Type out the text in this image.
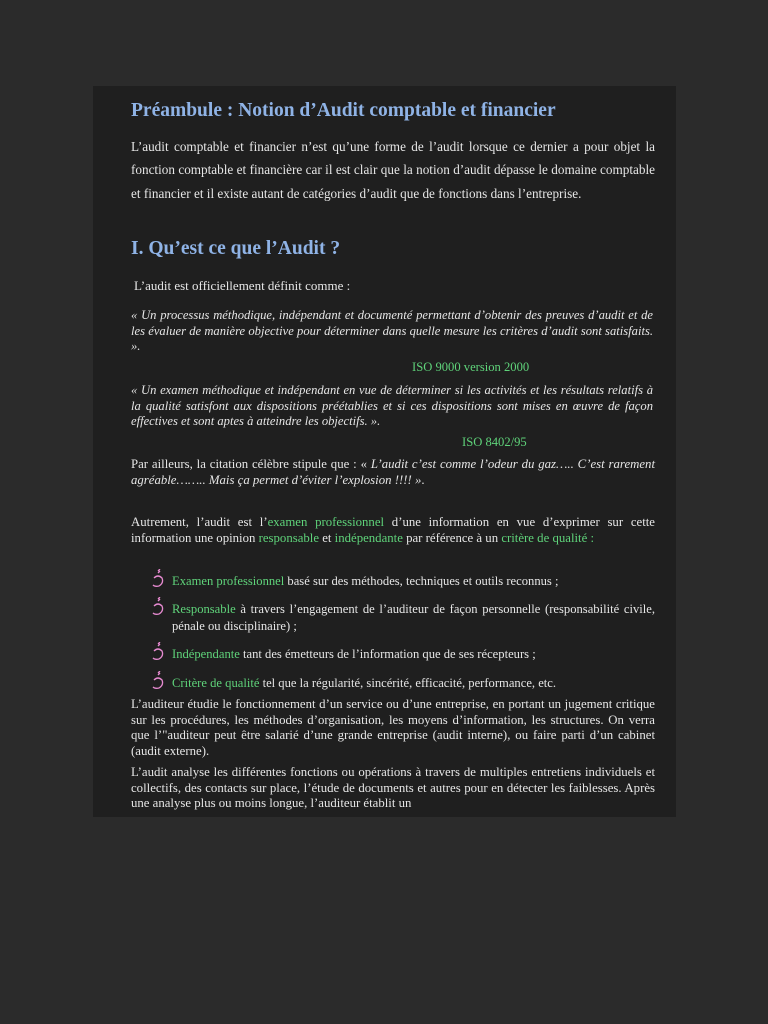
Préambule : Notion d’Audit comptable et financier

L’audit comptable et financier n’est qu’une forme de l’audit lorsque ce dernier a pour objet la fonction comptable et financière car il est clair que la notion d’audit dépasse le domaine comptable et financier et il existe autant de catégories d’audit que de fonctions dans l’entreprise.

I. Qu’est ce que l’Audit ?

L’audit est officiellement définit comme :

« Un processus méthodique, indépendant et documenté permettant d’obtenir des preuves d’audit et de les évaluer de manière objective pour déterminer dans quelle mesure les critères d’audit sont satisfaits. ».

ISO 9000 version 2000

« Un examen méthodique et indépendant en vue de déterminer si les activités et les résultats relatifs à la qualité satisfont aux dispositions préétablies et si ces dispositions sont mises en œuvre de façon effectives et sont aptes à atteindre les objectifs. ».

ISO 8402/95

Par ailleurs, la citation célèbre stipule que : « L’audit c’est comme l’odeur du gaz….. C’est rarement agréable…….. Mais ça permet d’éviter l’explosion !!!! ».

Autrement, l’audit est l’examen professionnel d’une information en vue d’exprimer sur cette information une opinion responsable et indépendante par référence à un critère de qualité :

Examen professionnel basé sur des méthodes, techniques et outils reconnus ;
Responsable à travers l’engagement de l’auditeur de façon personnelle (responsabilité civile, pénale ou disciplinaire) ;
Indépendante tant des émetteurs de l’information que de ses récepteurs ;
Critère de qualité tel que la régularité, sincérité, efficacité, performance, etc.

L’auditeur étudie le fonctionnement d’un service ou d’une entreprise, en portant un jugement critique sur les procédures, les méthodes d’organisation, les moyens d’information, les structures. On verra que l’"auditeur peut être salarié d’une grande entreprise (audit interne), ou faire parti d’un cabinet (audit externe).

L’audit analyse les différentes fonctions ou opérations à travers de multiples entretiens individuels et collectifs, des contacts sur place, l’étude de documents et autres pour en détecter les faiblesses. Après une analyse plus ou moins longue, l’auditeur établit un
